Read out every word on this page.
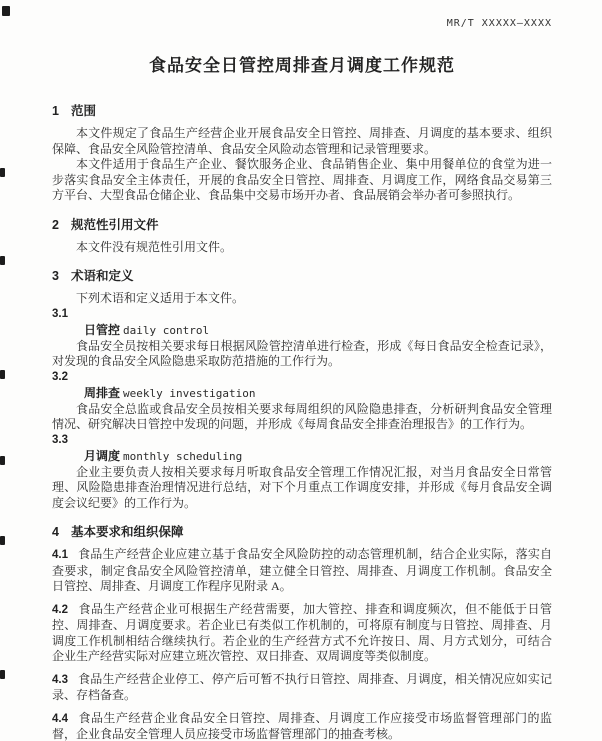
MR/T XXXXX—XXXX
食品安全日管控周排查月调度工作规范
1 范围

本文件规定了食品生产经营企业开展食品安全日管控、周排查、月调度的基本要求、组织保障、食品安全风险管控清单、食品安全风险动态管理和记录管理要求。

本文件适用于食品生产企业、餐饮服务企业、食品销售企业、集中用餐单位的食堂为进一步落实食品安全主体责任，开展的食品安全日管控、周排查、月调度工作，网络食品交易第三方平台、大型食品仓储企业、食品集中交易市场开办者、食品展销会举办者可参照执行。

2 规范性引用文件

本文件没有规范性引用文件。

3 术语和定义

下列术语和定义适用于本文件。

3.1
日管控 daily control

食品安全员按相关要求每日根据风险管控清单进行检查，形成《每日食品安全检查记录》，对发现的食品安全风险隐患采取防范措施的工作行为。

3.2
周排查 weekly investigation

食品安全总监或食品安全员按相关要求每周组织的风险隐患排查，分析研判食品安全管理情况、研究解决日管控中发现的问题，并形成《每周食品安全排查治理报告》的工作行为。

3.3
月调度 monthly scheduling

企业主要负责人按相关要求每月听取食品安全管理工作情况汇报，对当月食品安全日常管理、风险隐患排查治理情况进行总结，对下个月重点工作调度安排，并形成《每月食品安全调度会议纪要》的工作行为。

4 基本要求和组织保障

4.1 食品生产经营企业应建立基于食品安全风险防控的动态管理机制，结合企业实际，落实自查要求，制定食品安全风险管控清单，建立健全日管控、周排查、月调度工作机制。食品安全日管控、周排查、月调度工作程序见附录 A。

4.2 食品生产经营企业可根据生产经营需要，加大管控、排查和调度频次，但不能低于日管控、周排查、月调度要求。若企业已有类似工作机制的，可将原有制度与日管控、周排查、月调度工作机制相结合继续执行。若企业的生产经营方式不允许按日、周、月方式划分，可结合企业生产经营实际对应建立班次管控、双日排查、双周调度等类似制度。

4.3 食品生产经营企业停工、停产后可暂不执行日管控、周排查、月调度，相关情况应如实记录、存档备查。

4.4 食品生产经营企业食品安全日管控、周排查、月调度工作应接受市场监督管理部门的监督，企业食品安全管理人员应接受市场监督管理部门的抽查考核。
